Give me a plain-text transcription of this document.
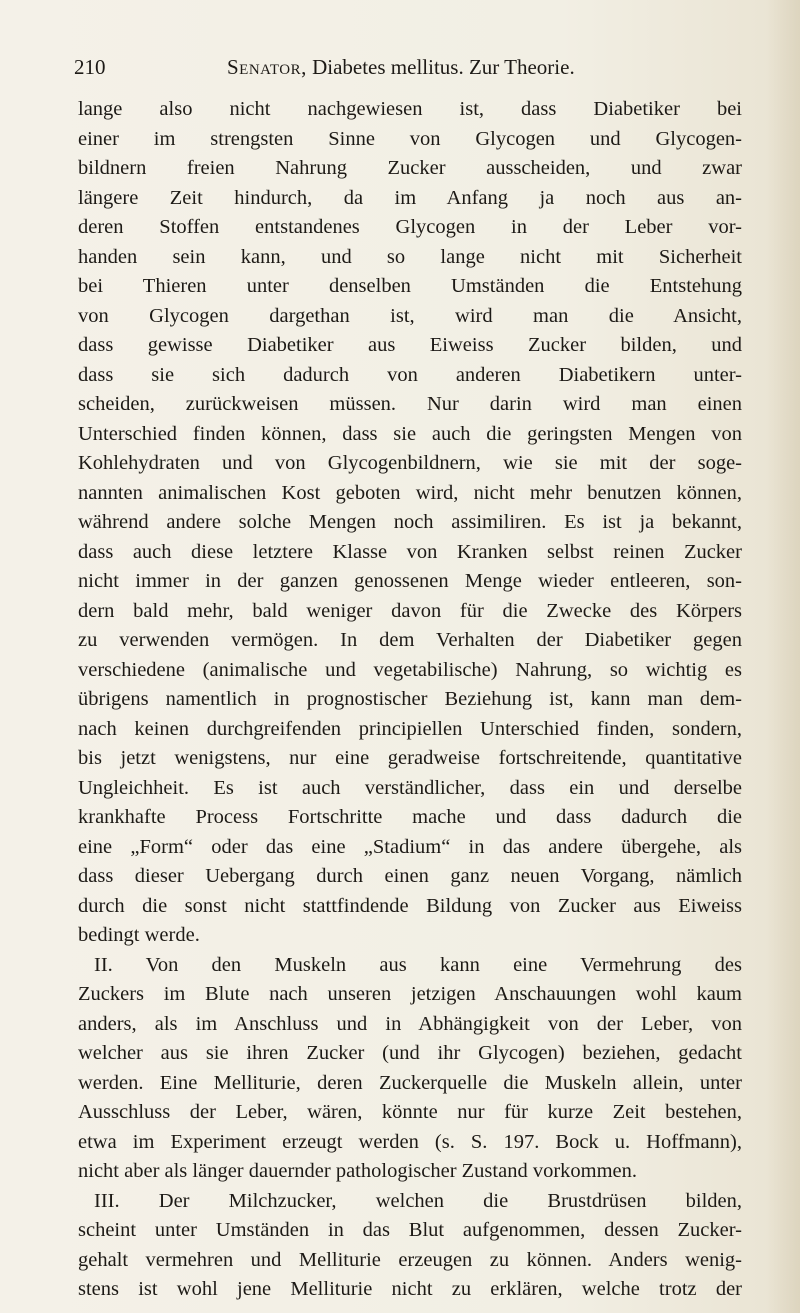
210	Senator, Diabetes mellitus. Zur Theorie.
lange also nicht nachgewiesen ist, dass Diabetiker bei
einer im strengsten Sinne von Glycogen und Glycogen-
bildnern freien Nahrung Zucker ausscheiden, und zwar
längere Zeit hindurch, da im Anfang ja noch aus an-
deren Stoffen entstandenes Glycogen in der Leber vor-
handen sein kann, und so lange nicht mit Sicherheit
bei Thieren unter denselben Umständen die Entstehung
von Glycogen dargethan ist, wird man die Ansicht,
dass gewisse Diabetiker aus Eiweiss Zucker bilden, und
dass sie sich dadurch von anderen Diabetikern unter-
scheiden, zurückweisen müssen. Nur darin wird man einen
Unterschied finden können, dass sie auch die geringsten Mengen von
Kohlehydraten und von Glycogenbildnern, wie sie mit der soge-
nannten animalischen Kost geboten wird, nicht mehr benutzen können,
während andere solche Mengen noch assimiliren. Es ist ja bekannt,
dass auch diese letztere Klasse von Kranken selbst reinen Zucker
nicht immer in der ganzen genossenen Menge wieder entleeren, son-
dern bald mehr, bald weniger davon für die Zwecke des Körpers
zu verwenden vermögen. In dem Verhalten der Diabetiker gegen
verschiedene (animalische und vegetabilische) Nahrung, so wichtig es
übrigens namentlich in prognostischer Beziehung ist, kann man dem-
nach keinen durchgreifenden principiellen Unterschied finden, sondern,
bis jetzt wenigstens, nur eine geradweise fortschreitende, quantitative
Ungleichheit. Es ist auch verständlicher, dass ein und derselbe
krankhafte Process Fortschritte mache und dass dadurch die
eine „Form“ oder das eine „Stadium“ in das andere übergehe, als
dass dieser Uebergang durch einen ganz neuen Vorgang, nämlich
durch die sonst nicht stattfindende Bildung von Zucker aus Eiweiss
bedingt werde.
II. Von den Muskeln aus kann eine Vermehrung des
Zuckers im Blute nach unseren jetzigen Anschauungen wohl kaum
anders, als im Anschluss und in Abhängigkeit von der Leber, von
welcher aus sie ihren Zucker (und ihr Glycogen) beziehen, gedacht
werden. Eine Melliturie, deren Zuckerquelle die Muskeln allein, unter
Ausschluss der Leber, wären, könnte nur für kurze Zeit bestehen,
etwa im Experiment erzeugt werden (s. S. 197. Bock u. Hoffmann),
nicht aber als länger dauernder pathologischer Zustand vorkommen.
III. Der Milchzucker, welchen die Brustdrüsen bilden,
scheint unter Umständen in das Blut aufgenommen, dessen Zucker-
gehalt vermehren und Melliturie erzeugen zu können. Anders wenig-
stens ist wohl jene Melliturie nicht zu erklären, welche trotz der
